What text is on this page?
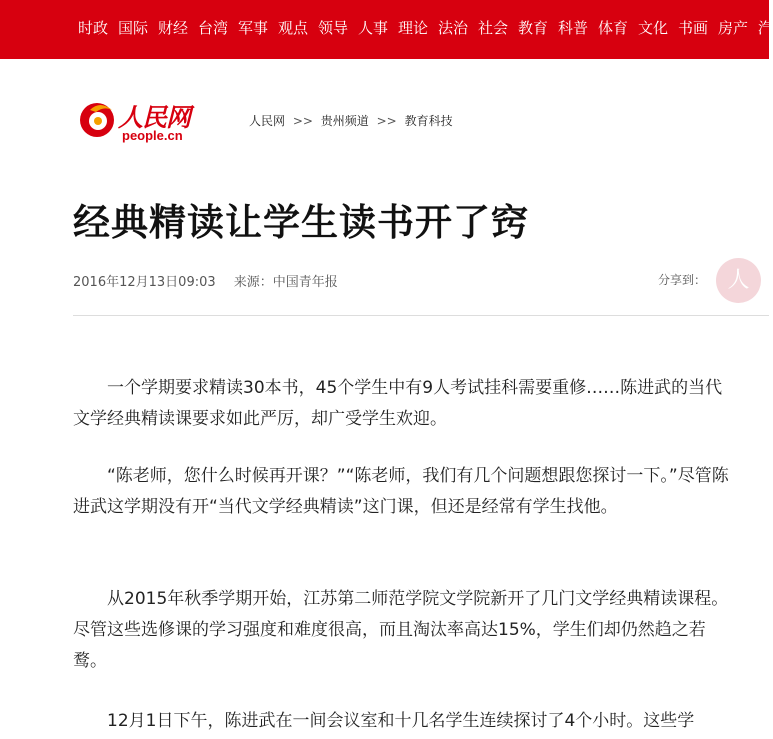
时政 国际 财经 台湾 军事 观点 领导 人事 理论 法治 社会 教育 科普 体育 文化 书画 房产 汽
人民网
people.cn
人民网 >> 贵州频道 >> 教育科技
经典精读让学生读书开了窍
2016年12月13日09:03 来源：中国青年报	分享到： 人

一个学期要求精读30本书，45个学生中有9人考试挂科需要重修……陈进武的当代文学经典精读课要求如此严厉，却广受学生欢迎。

“陈老师，您什么时候再开课？”“陈老师，我们有几个问题想跟您探讨一下。”尽管陈进武这学期没有开“当代文学经典精读”这门课，但还是经常有学生找他。

从2015年秋季学期开始，江苏第二师范学院文学院新开了几门文学经典精读课程。尽管这些选修课的学习强度和难度很高，而且淘汰率高达15%，学生们却仍然趋之若鹜。

12月1日下午，陈进武在一间会议室和十几名学生连续探讨了4个小时。这些学
